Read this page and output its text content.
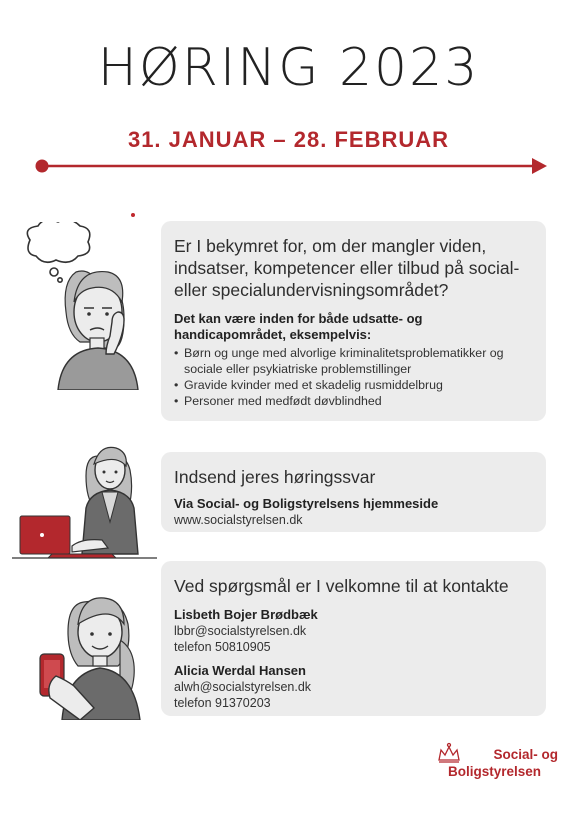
HØRING 2023
31. JANUAR – 28. FEBRUAR
Er I bekymret for, om der mangler viden, indsatser, kompetencer eller tilbud på social- eller specialundervisningsområdet?
Det kan være inden for både udsatte- og handicapområdet, eksempelvis:
• Børn og unge med alvorlige kriminalitetsproblematikker og sociale eller psykiatriske problemstillinger
• Gravide kvinder med et skadelig rusmiddelbrug
• Personer med medfødt døvblindhed
Indsend jeres høringssvar
Via Social- og Boligstyrelsens hjemmeside
www.socialstyrelsen.dk
Ved spørgsmål er I velkomne til at kontakte
Lisbeth Bojer Brødbæk
lbbr@socialstyrelsen.dk
telefon 50810905
Alicia Werdal Hansen
alwh@socialstyrelsen.dk
telefon 91370203
Social- og
Boligstyrelsen
